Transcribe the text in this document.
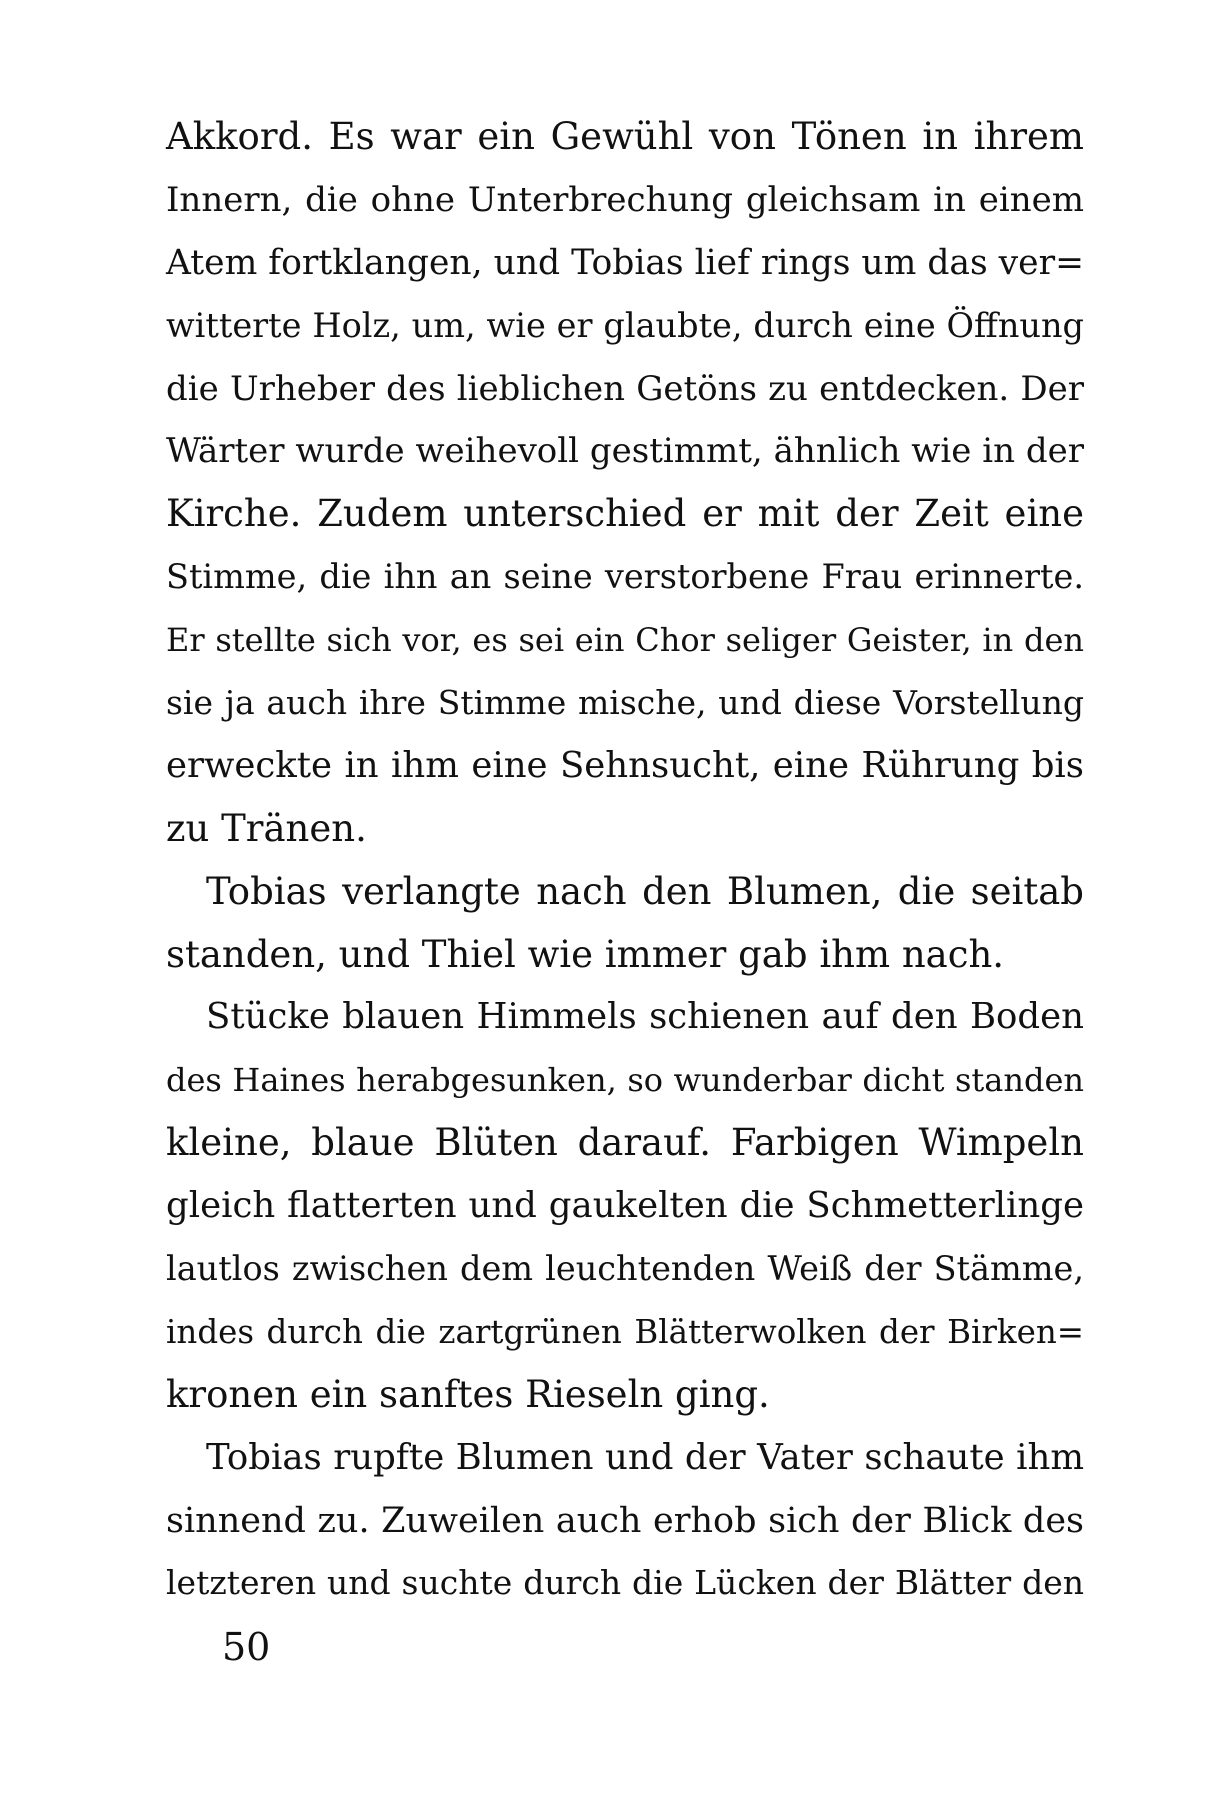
Akkord. Es war ein Gewühl von Tönen in ihrem
Innern, die ohne Unterbrechung gleichsam in einem
Atem fortklangen, und Tobias lief rings um das ver=
witterte Holz, um, wie er glaubte, durch eine Öffnung
die Urheber des lieblichen Getöns zu entdecken. Der
Wärter wurde weihevoll gestimmt, ähnlich wie in der
Kirche. Zudem unterschied er mit der Zeit eine
Stimme, die ihn an seine verstorbene Frau erinnerte.
Er stellte sich vor, es sei ein Chor seliger Geister, in den
sie ja auch ihre Stimme mische, und diese Vorstellung
erweckte in ihm eine Sehnsucht, eine Rührung bis
zu Tränen.
Tobias verlangte nach den Blumen, die seitab
standen, und Thiel wie immer gab ihm nach.
Stücke blauen Himmels schienen auf den Boden
des Haines herabgesunken, so wunderbar dicht standen
kleine, blaue Blüten darauf. Farbigen Wimpeln
gleich flatterten und gaukelten die Schmetterlinge
lautlos zwischen dem leuchtenden Weiß der Stämme,
indes durch die zartgrünen Blätterwolken der Birken=
kronen ein sanftes Rieseln ging.
Tobias rupfte Blumen und der Vater schaute ihm
sinnend zu. Zuweilen auch erhob sich der Blick des
letzteren und suchte durch die Lücken der Blätter den
50
